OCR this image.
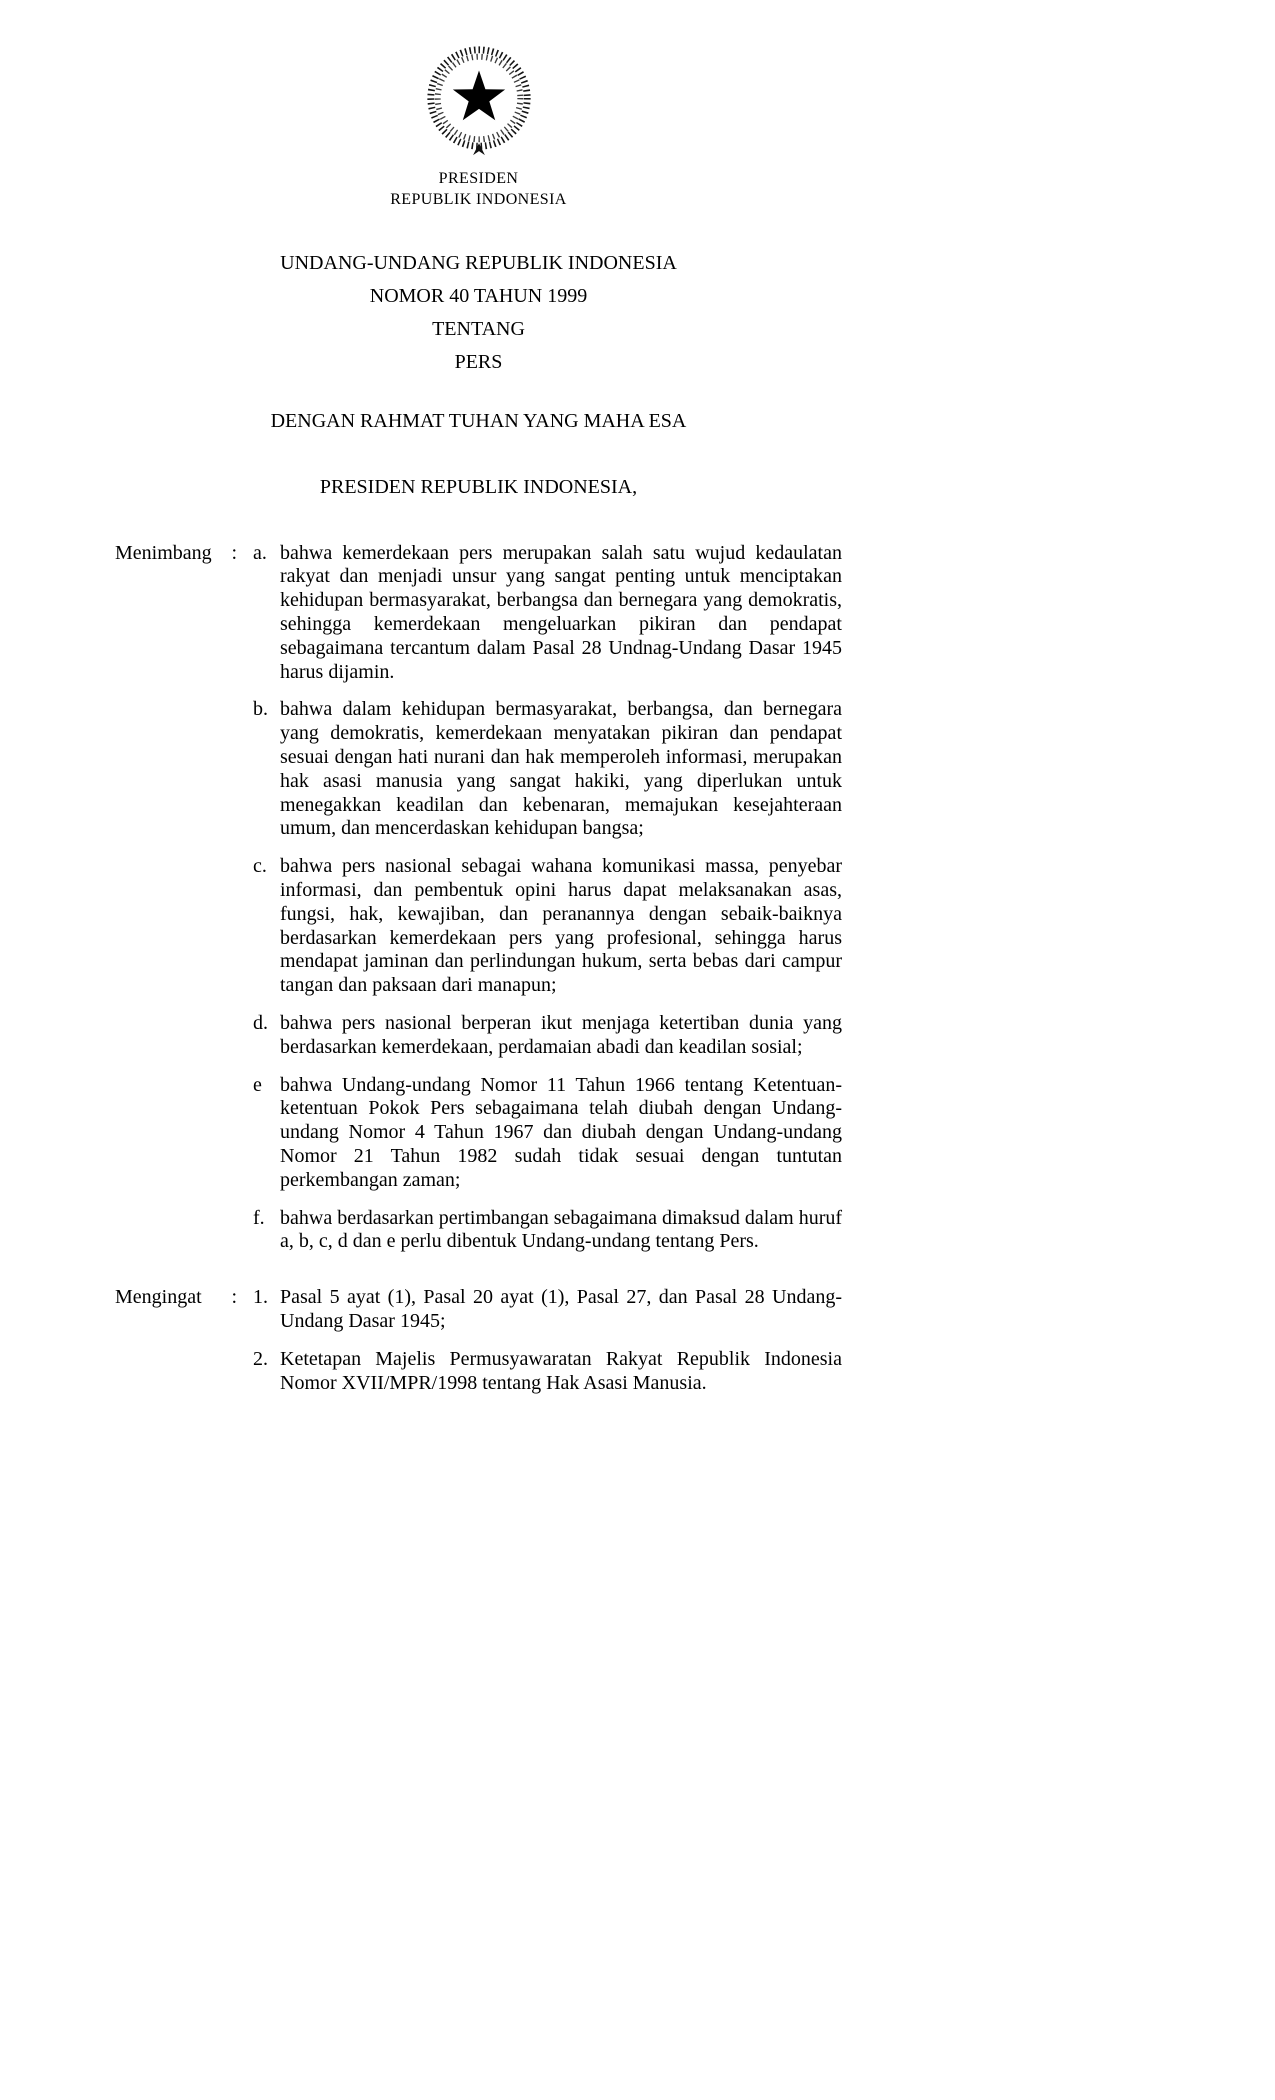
PRESIDEN
REPUBLIK INDONESIA
UNDANG-UNDANG REPUBLIK INDONESIA
NOMOR 40 TAHUN 1999
TENTANG
PERS
DENGAN RAHMAT TUHAN YANG MAHA ESA
PRESIDEN REPUBLIK INDONESIA,
Menimbang : a. bahwa kemerdekaan pers merupakan salah satu wujud kedaulatan rakyat dan menjadi unsur yang sangat penting untuk menciptakan kehidupan bermasyarakat, berbangsa dan bernegara yang demokratis, sehingga kemerdekaan mengeluarkan pikiran dan pendapat sebagaimana tercantum dalam Pasal 28 Undnag-Undang Dasar 1945 harus dijamin.
b. bahwa dalam kehidupan bermasyarakat, berbangsa, dan bernegara yang demokratis, kemerdekaan menyatakan pikiran dan pendapat sesuai dengan hati nurani dan hak memperoleh informasi, merupakan hak asasi manusia yang sangat hakiki, yang diperlukan untuk menegakkan keadilan dan kebenaran, memajukan kesejahteraan umum, dan mencerdaskan kehidupan bangsa;
c. bahwa pers nasional sebagai wahana komunikasi massa, penyebar informasi, dan pembentuk opini harus dapat melaksanakan asas, fungsi, hak, kewajiban, dan peranannya dengan sebaik-baiknya berdasarkan kemerdekaan pers yang profesional, sehingga harus mendapat jaminan dan perlindungan hukum, serta bebas dari campur tangan dan paksaan dari manapun;
d. bahwa pers nasional berperan ikut menjaga ketertiban dunia yang berdasarkan kemerdekaan, perdamaian abadi dan keadilan sosial;
e bahwa Undang-undang Nomor 11 Tahun 1966 tentang Ketentuan-ketentuan Pokok Pers sebagaimana telah diubah dengan Undang-undang Nomor 4 Tahun 1967 dan diubah dengan Undang-undang Nomor 21 Tahun 1982 sudah tidak sesuai dengan tuntutan perkembangan zaman;
f. bahwa berdasarkan pertimbangan sebagaimana dimaksud dalam huruf a, b, c, d dan e perlu dibentuk Undang-undang tentang Pers.
Mengingat : 1. Pasal 5 ayat (1), Pasal 20 ayat (1), Pasal 27, dan Pasal 28 Undang-Undang Dasar 1945;
2. Ketetapan Majelis Permusyawaratan Rakyat Republik Indonesia Nomor XVII/MPR/1998 tentang Hak Asasi Manusia.
